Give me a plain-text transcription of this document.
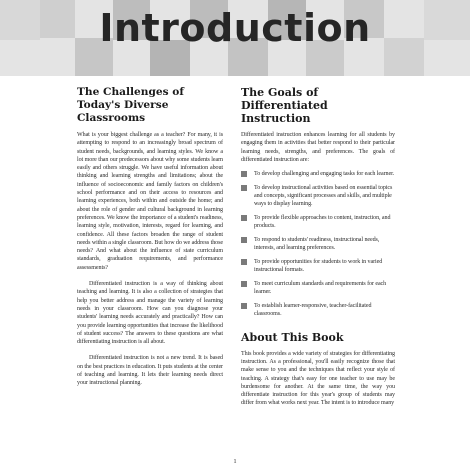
Introduction
The Challenges of Today's Diverse Classrooms

What is your biggest challenge as a teacher? For many, it is attempting to respond to an increasingly broad spectrum of student needs, backgrounds, and learning styles. We know a lot more than our predecessors about why some students learn easily and others struggle. We have useful information about thinking and learning strengths and limitations; about the influence of socioeconomic and family factors on children's school performance and on their access to resources and learning experiences, both within and outside the home; and about the role of gender and cultural background in learning preferences. We know the importance of a student's readiness, learning style, motivation, interests, regard for learning, and confidence. All these factors broaden the range of student needs within a single classroom. But how do we address those needs? And what about the influence of state curriculum standards, graduation requirements, and performance assessments?

Differentiated instruction is a way of thinking about teaching and learning. It is also a collection of strategies that help you better address and manage the variety of learning needs in your classroom. How can you diagnose your students' learning needs accurately and practically? How can you provide learning opportunities that increase the likelihood of student success? The answers to these questions are what differentiating instruction is all about.

Differentiated instruction is not a new trend. It is based on the best practices in education. It puts students at the center of teaching and learning. It lets their learning needs direct your instructional planning.

The Goals of Differentiated Instruction

Differentiated instruction enhances learning for all students by engaging them in activities that better respond to their particular learning needs, strengths, and preferences. The goals of differentiated instruction are:

To develop challenging and engaging tasks for each learner.
To develop instructional activities based on essential topics and concepts, significant processes and skills, and multiple ways to display learning.
To provide flexible approaches to content, instruction, and products.
To respond to students' readiness, instructional needs, interests, and learning preferences.
To provide opportunities for students to work in varied instructional formats.
To meet curriculum standards and requirements for each learner.
To establish learner-responsive, teacher-facilitated classrooms.
About This Book

This book provides a wide variety of strategies for differentiating instruction. As a professional, you'll easily recognize those that make sense to you and the techniques that reflect your style of teaching. A strategy that's easy for one teacher to use may be burdensome for another. At the same time, the way you differentiate instruction for this year's group of students may differ from what works next year. The intent is to introduce many

1
